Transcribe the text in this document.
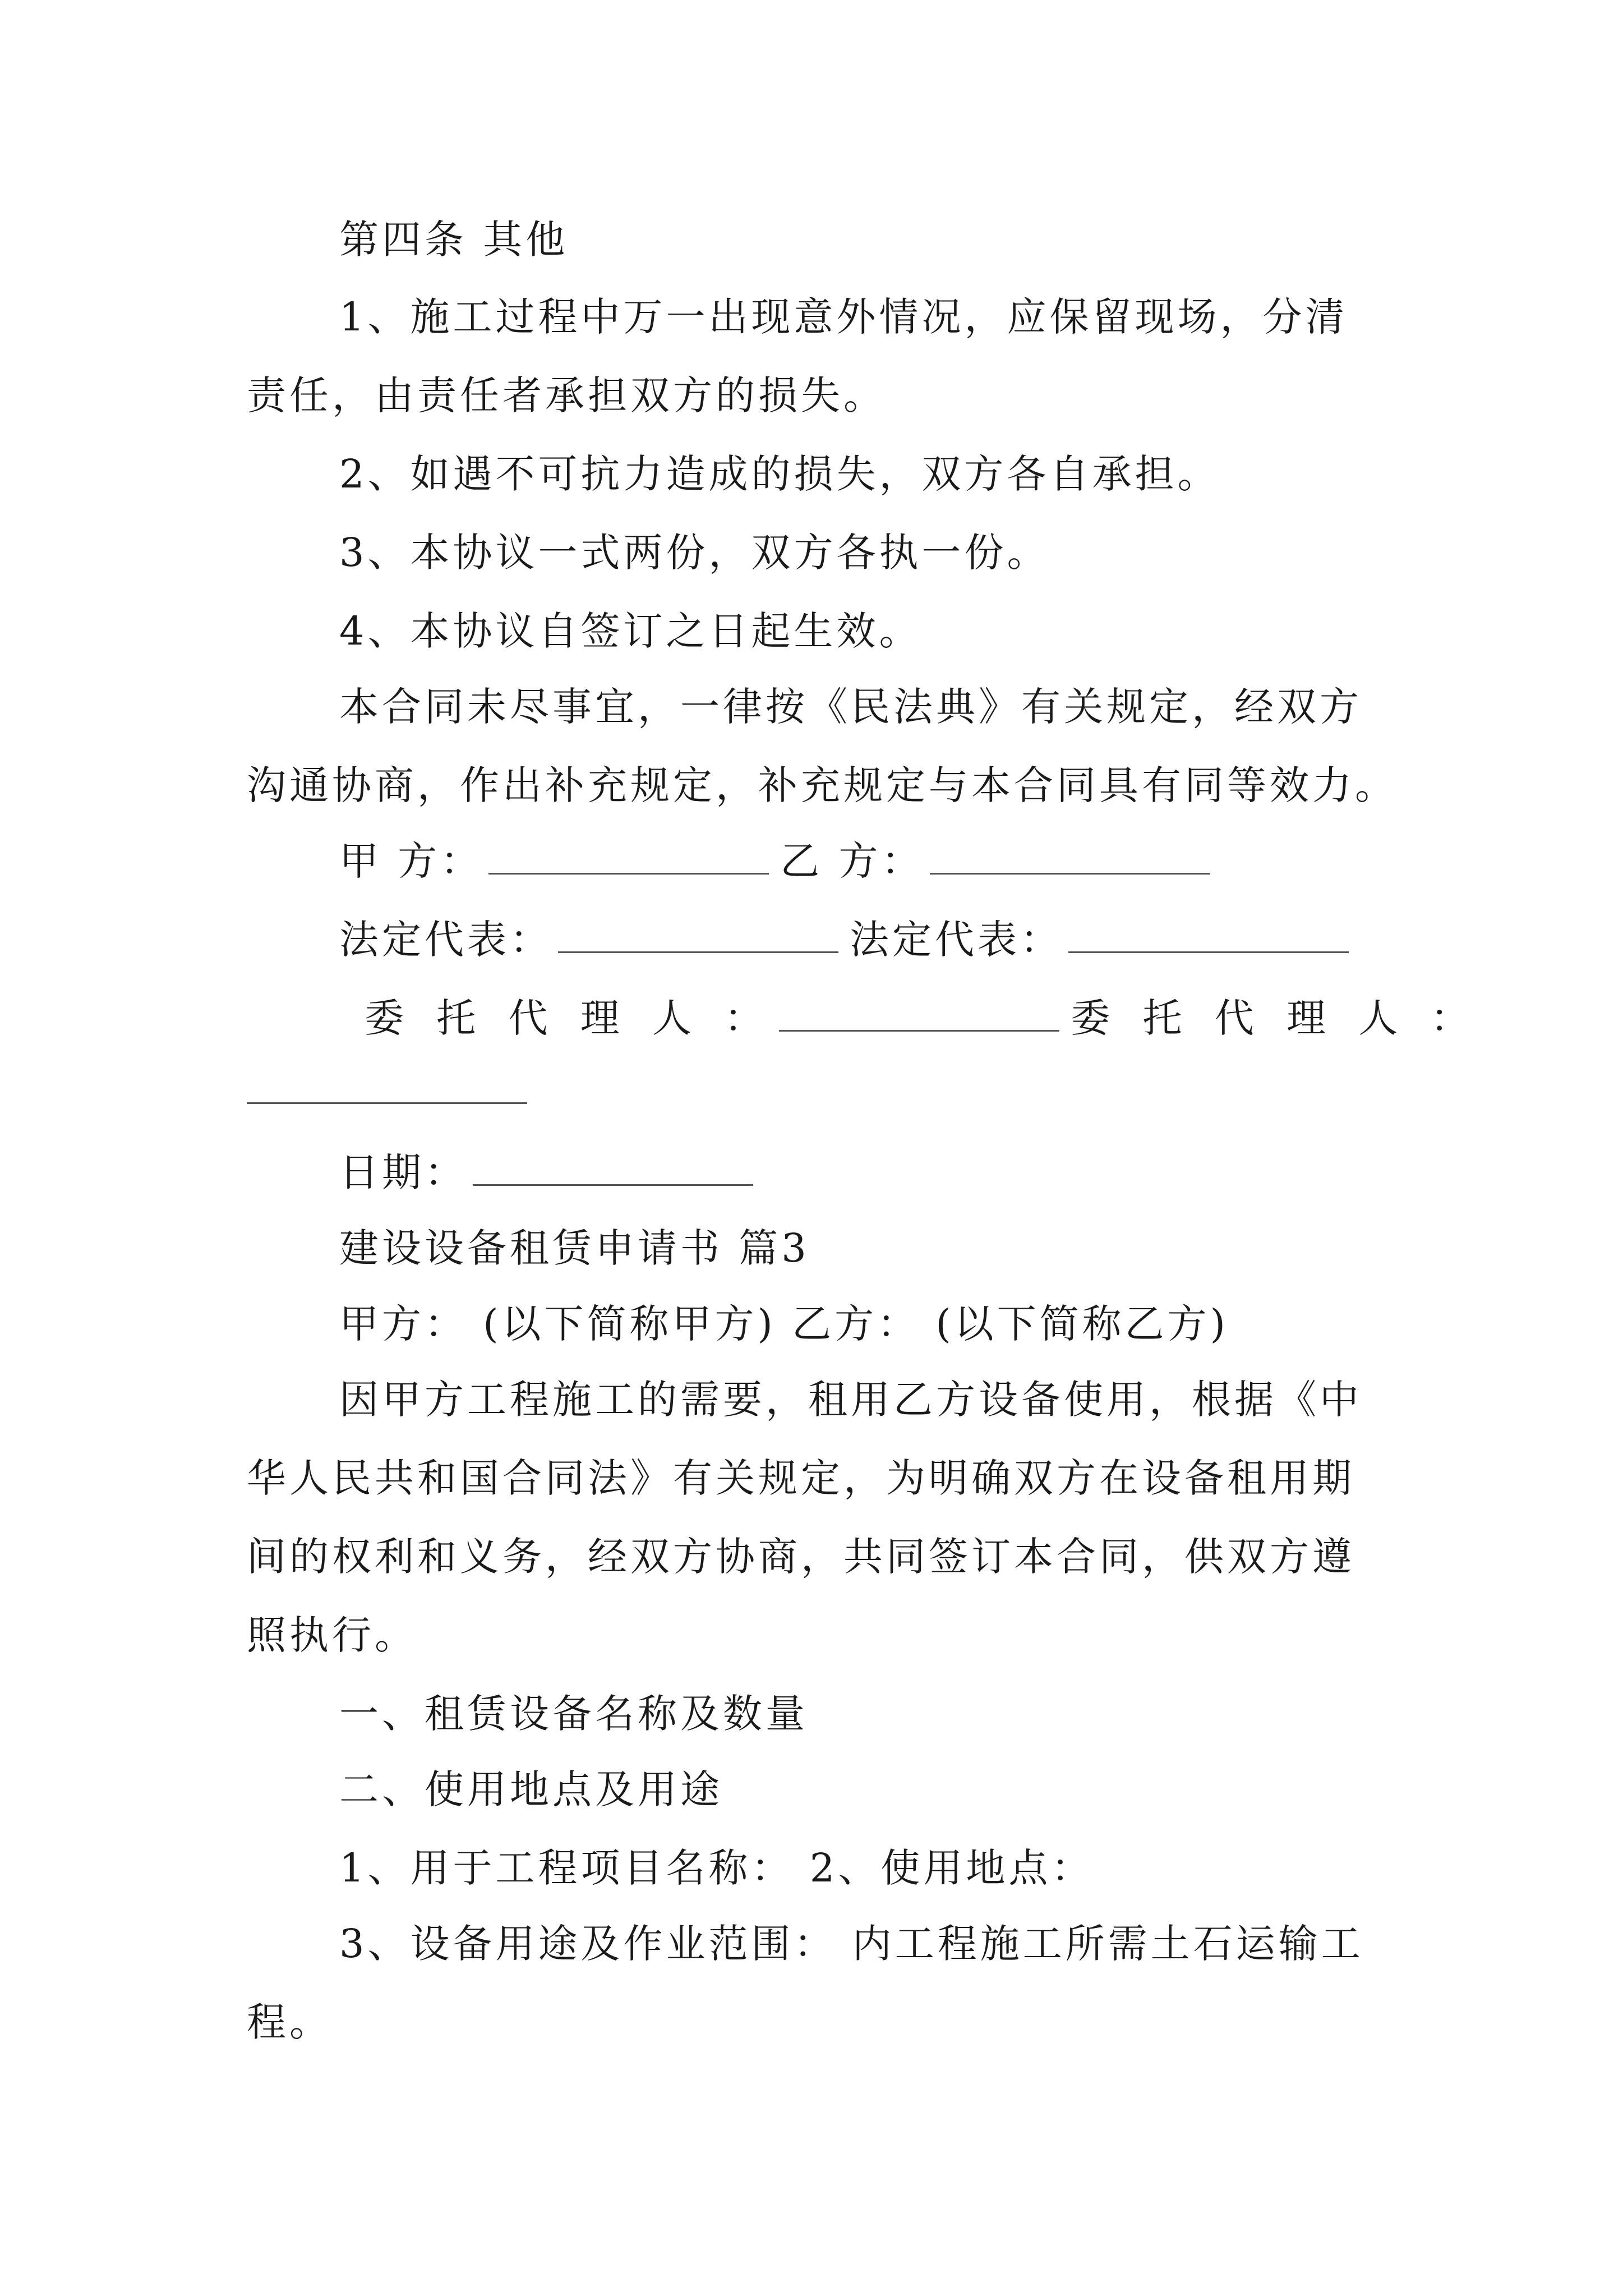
第四条 其他
1、施工过程中万一出现意外情况，应保留现场，分清
责任，由责任者承担双方的损失。
2、如遇不可抗力造成的损失，双方各自承担。
3、本协议一式两份，双方各执一份。
4、本协议自签订之日起生效。
本合同未尽事宜，一律按《民法典》有关规定，经双方
沟通协商，作出补充规定，补充规定与本合同具有同等效力。
甲 方：	乙 方：
法定代表：	法定代表：
委 托 代 理 人 ：	委 托 代 理 人 ：
日期：
建设设备租赁申请书 篇3
甲方： (以下简称甲方) 乙方： (以下简称乙方)
因甲方工程施工的需要，租用乙方设备使用，根据《中
华人民共和国合同法》有关规定，为明确双方在设备租用期
间的权利和义务，经双方协商，共同签订本合同，供双方遵
照执行。
一、租赁设备名称及数量
二、使用地点及用途
1、用于工程项目名称： 2、使用地点：
3、设备用途及作业范围： 内工程施工所需土石运输工
程。
